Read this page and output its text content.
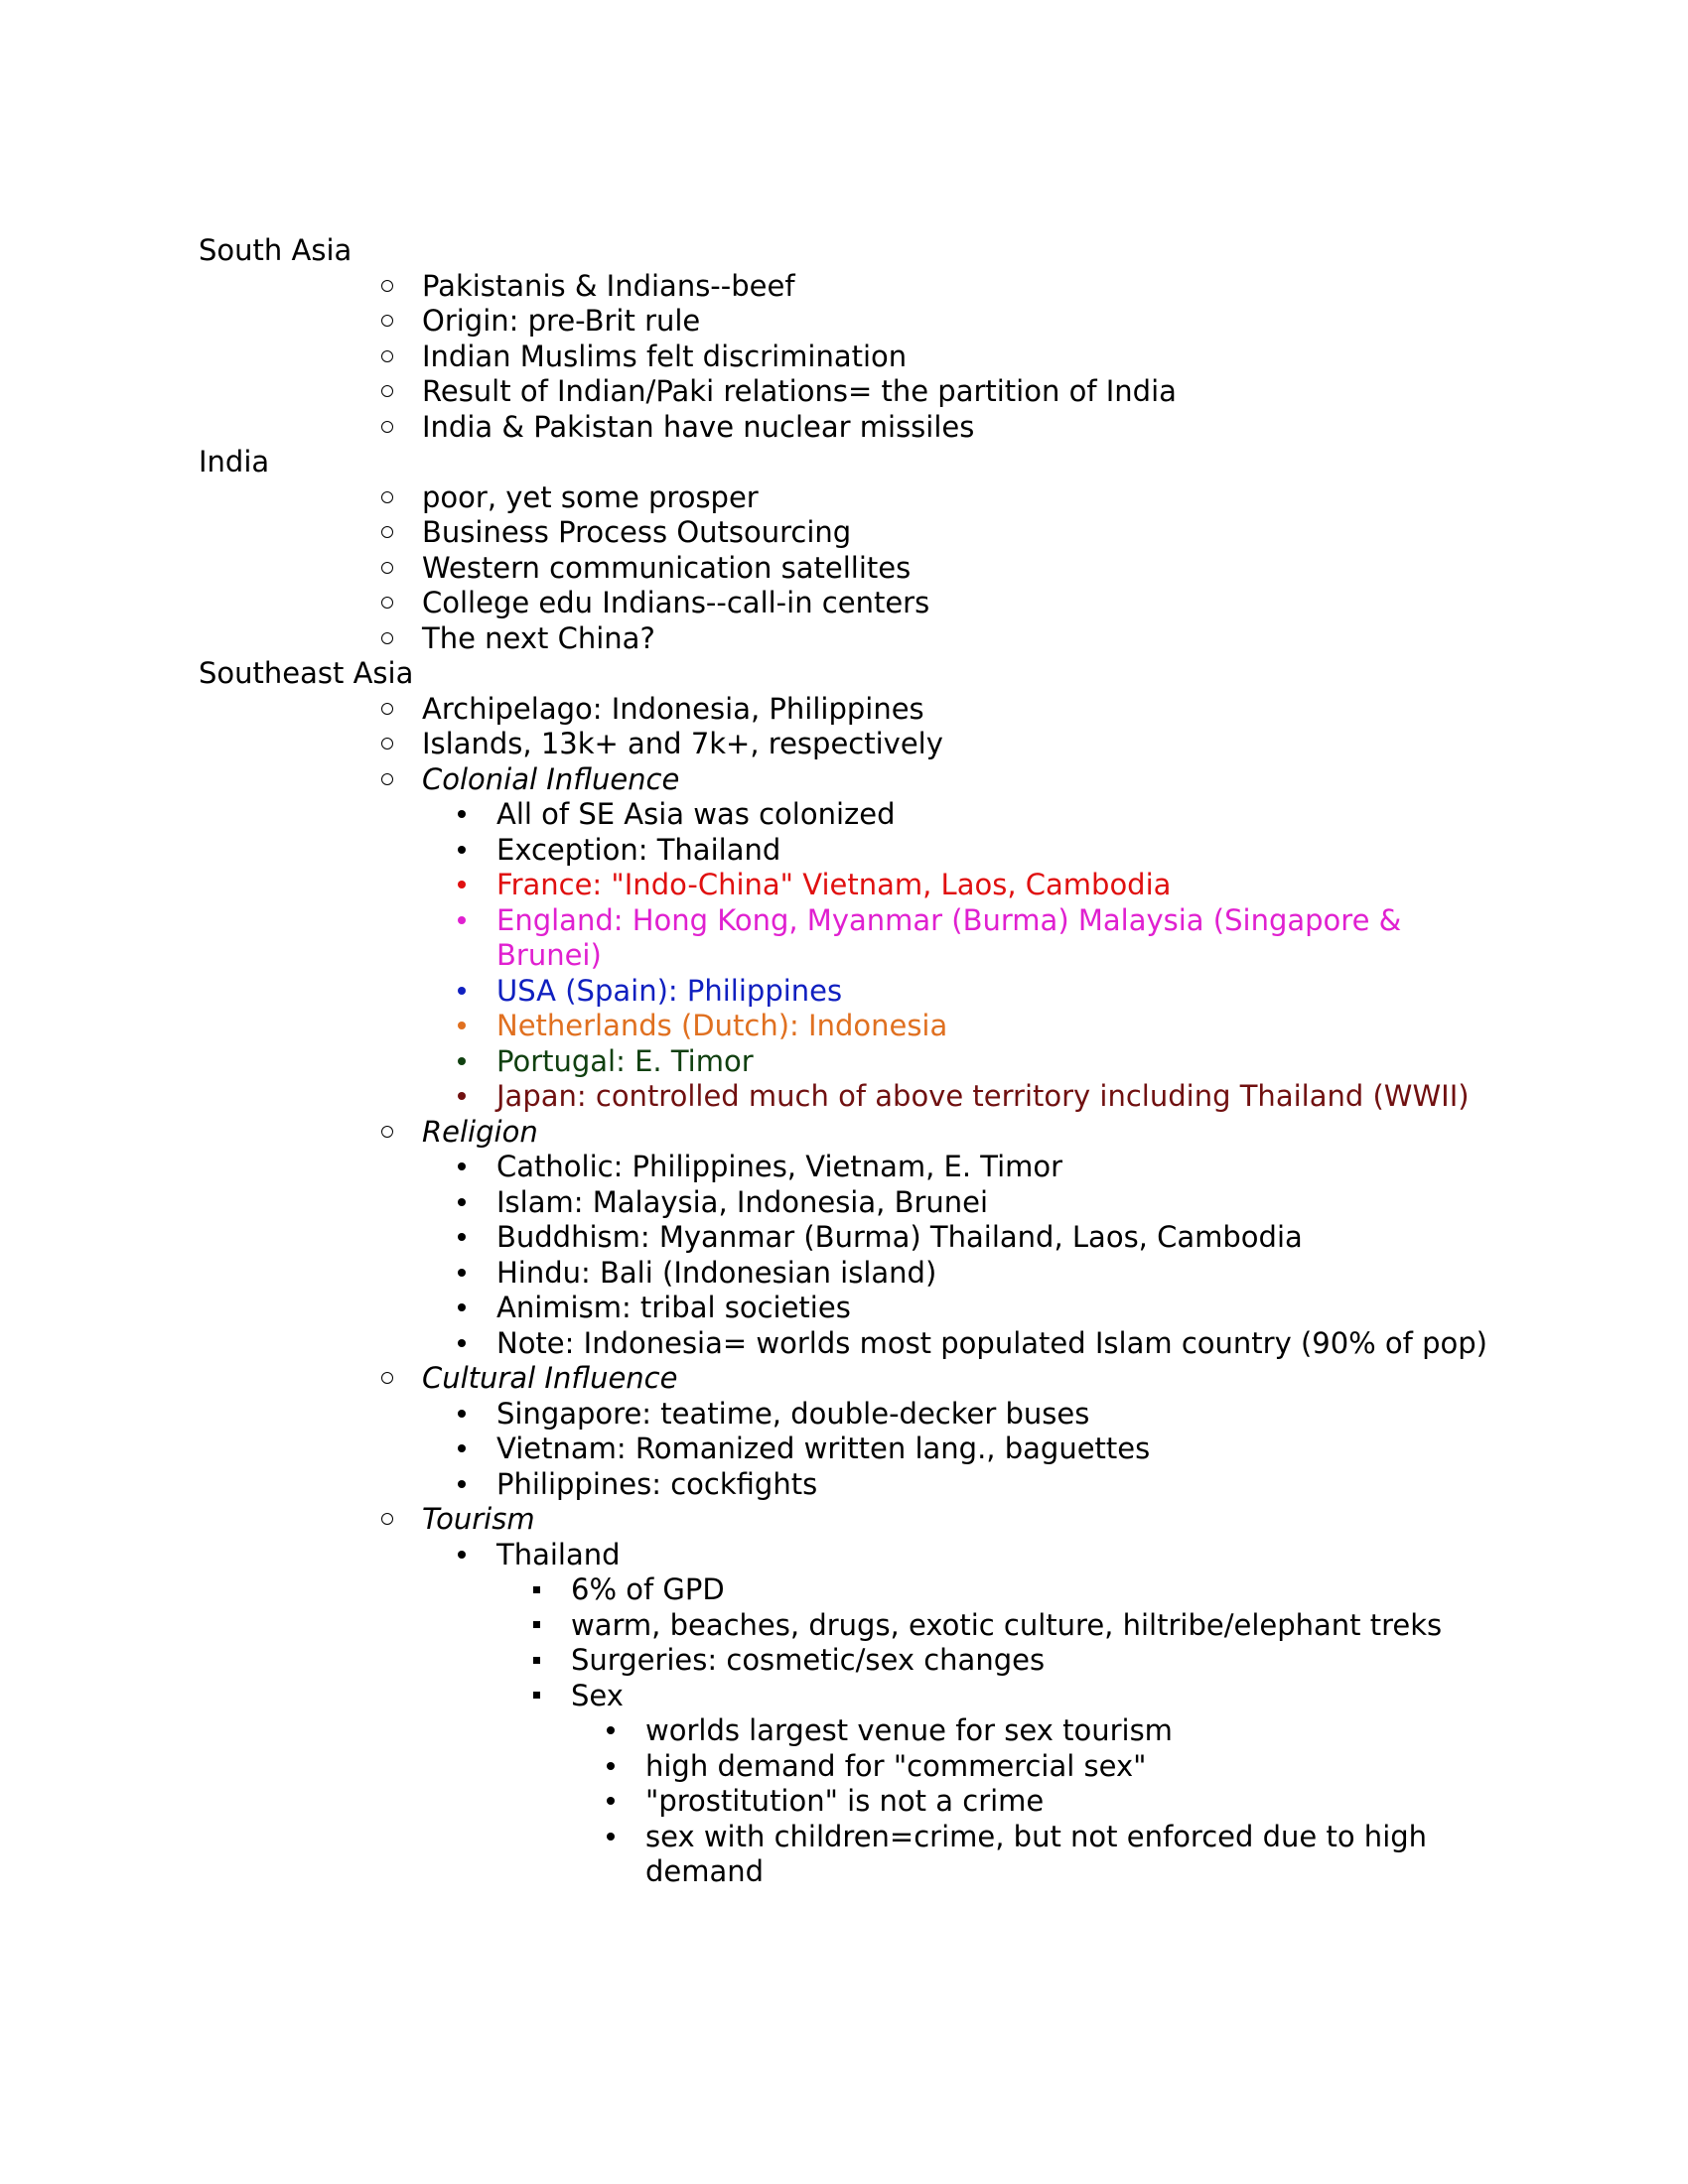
South Asia
Pakistanis & Indians--beef
Origin: pre-Brit rule
Indian Muslims felt discrimination
Result of Indian/Paki relations= the partition of India
India & Pakistan have nuclear missiles
India
poor, yet some prosper
Business Process Outsourcing
Western communication satellites
College edu Indians--call-in centers
The next China?
Southeast Asia
Archipelago: Indonesia, Philippines
Islands, 13k+ and 7k+, respectively
Colonial Influence
All of SE Asia was colonized
Exception: Thailand
France: "Indo-China" Vietnam, Laos, Cambodia
England: Hong Kong, Myanmar (Burma) Malaysia (Singapore & Brunei)
USA (Spain): Philippines
Netherlands (Dutch): Indonesia
Portugal: E. Timor
Japan: controlled much of above territory including Thailand (WWII)
Religion
Catholic: Philippines, Vietnam, E. Timor
Islam: Malaysia, Indonesia, Brunei
Buddhism: Myanmar (Burma) Thailand, Laos, Cambodia
Hindu: Bali (Indonesian island)
Animism: tribal societies
Note: Indonesia= worlds most populated Islam country (90% of pop)
Cultural Influence
Singapore: teatime, double-decker buses
Vietnam: Romanized written lang., baguettes
Philippines: cockfights
Tourism
Thailand
6% of GPD
warm, beaches, drugs, exotic culture, hiltribe/elephant treks
Surgeries: cosmetic/sex changes
Sex
worlds largest venue for sex tourism
high demand for "commercial sex"
"prostitution" is not a crime
sex with children=crime, but not enforced due to high demand
